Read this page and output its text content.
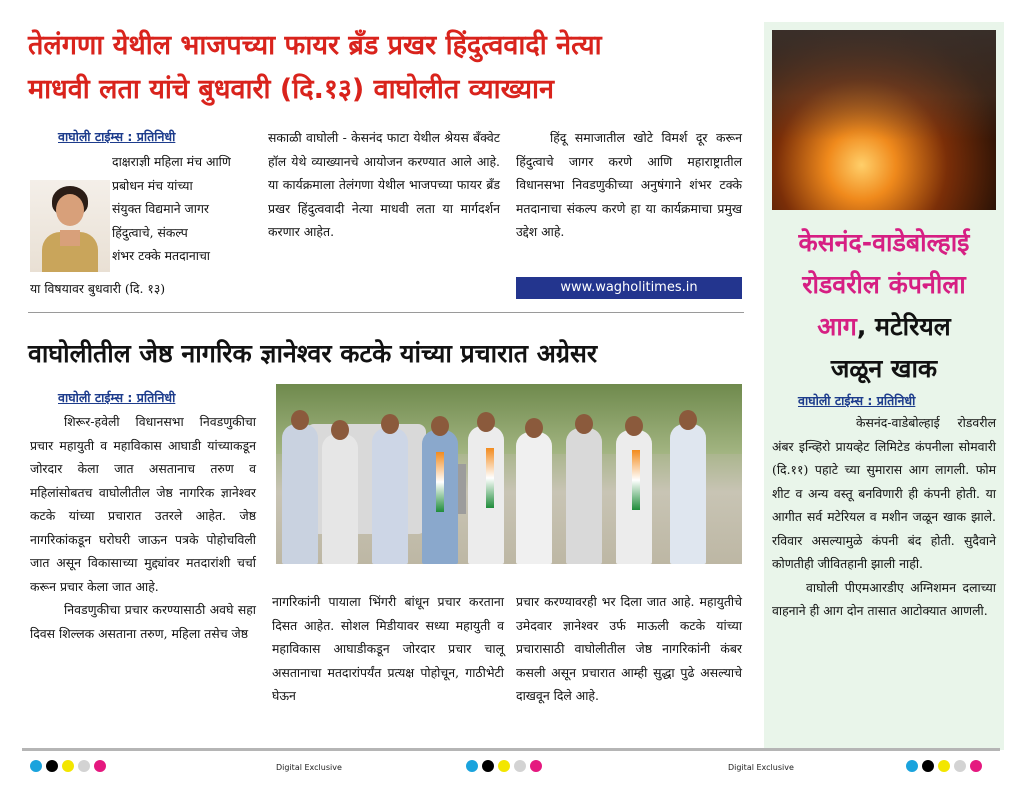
तेलंगणा येथील भाजपच्या फायर ब्रँड प्रखर हिंदुत्ववादी नेत्या
माधवी लता यांचे बुधवारी (दि.१३) वाघोलीत व्याख्यान
वाघोली टाईम्स : प्रतिनिधी
दाक्षराज्ञी महिला मंच आणि
प्रबोधन मंच यांच्या
संयुक्त विद्यमाने जागर
हिंदुत्वाचे, संकल्प
शंभर टक्के मतदानाचा
या विषयावर बुधवारी (दि. १३)
सकाळी वाघोली - केसनंद फाटा येथील श्रेयस बँक्वेट हॉल येथे व्याख्यानचे आयोजन करण्यात आले आहे. या कार्यक्रमाला तेलंगणा येथील भाजपच्या फायर ब्रँड प्रखर हिंदुत्ववादी नेत्या माधवी लता या मार्गदर्शन करणार आहेत.
हिंदू समाजातील खोटे विमर्श दूर करून हिंदुत्वाचे जागर करणे आणि महाराष्ट्रातील विधानसभा निवडणुकीच्या अनुषंगाने शंभर टक्के मतदानाचा संकल्प करणे हा या कार्यक्रमाचा प्रमुख उद्देश आहे.
www.wagholitimes.in
वाघोलीतील जेष्ठ नागरिक ज्ञानेश्वर कटके यांच्या प्रचारात अग्रेसर
वाघोली टाईम्स : प्रतिनिधी
शिरूर-हवेली विधानसभा निवडणुकीचा प्रचार महायुती व महाविकास आघाडी यांच्याकडून जोरदार केला जात असतानाच तरुण व महिलांसोबतच वाघोलीतील जेष्ठ नागरिक ज्ञानेश्वर कटके यांच्या प्रचारात उतरले आहेत. जेष्ठ नागरिकांकडून घरोघरी जाऊन पत्रके पोहोचविली जात असून विकासाच्या मुद्द्यांवर मतदारांशी चर्चा करून प्रचार केला जात आहे.
निवडणुकीचा प्रचार करण्यासाठी अवघे सहा दिवस शिल्लक असताना तरुण, महिला तसेच जेष्ठ
नागरिकांनी पायाला भिंगरी बांधून प्रचार करताना दिसत आहेत. सोशल मिडीयावर सध्या महायुती व महाविकास आघाडीकडून जोरदार प्रचार चालू असतानाचा मतदारांपर्यंत प्रत्यक्ष पोहोचून, गाठीभेटी घेऊन
प्रचार करण्यावरही भर दिला जात आहे. महायुतीचे उमेदवार ज्ञानेश्वर उर्फ माऊली कटके यांच्या प्रचारासाठी वाघोलीतील जेष्ठ नागरिकांनी कंबर कसली असून प्रचारात आम्ही सुद्धा पुढे असल्याचे दाखवून दिले आहे.
केसनंद-वाडेबोल्हाई
रोडवरील कंपनीला
आग, मटेरियल
जळून खाक
वाघोली टाईम्स : प्रतिनिधी
केसनंद-वाडेबोल्हाई रोडवरील अंबर इन्व्हिरो प्रायव्हेट लिमिटेड कंपनीला सोमवारी (दि.११) पहाटे च्या सुमारास आग लागली. फोम शीट व अन्य वस्तू बनविणारी ही कंपनी होती. या आगीत सर्व मटेरियल व मशीन जळून खाक झाले. रविवार असल्यामुळे कंपनी बंद होती. सुदैवाने कोणतीही जीवितहानी झाली नाही.
वाघोली पीएमआरडीए अग्निशमन दलाच्या वाहनाने ही आग दोन तासात आटोक्यात आणली.
Digital Exclusive	Digital Exclusive
